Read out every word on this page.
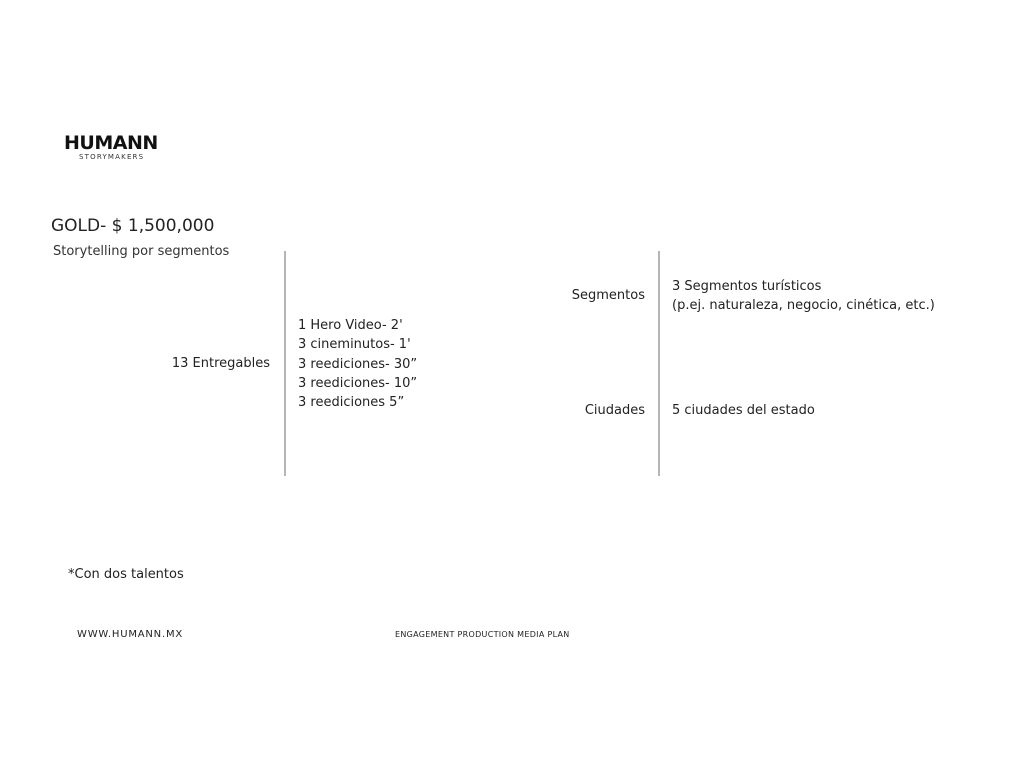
HUMANN
STORYMAKERS
GOLD- $ 1,500,000
Storytelling por segmentos
13 Entregables
1 Hero Video- 2'
3 cineminutos- 1'
3 reediciones- 30”
3 reediciones- 10”
3 reediciones 5”
Segmentos
3 Segmentos turísticos
(p.ej. naturaleza, negocio, cinética, etc.)
Ciudades 5 ciudades del estado
*Con dos talentos
WWW.HUMANN.MX	ENGAGEMENT PRODUCTION MEDIA PLAN
